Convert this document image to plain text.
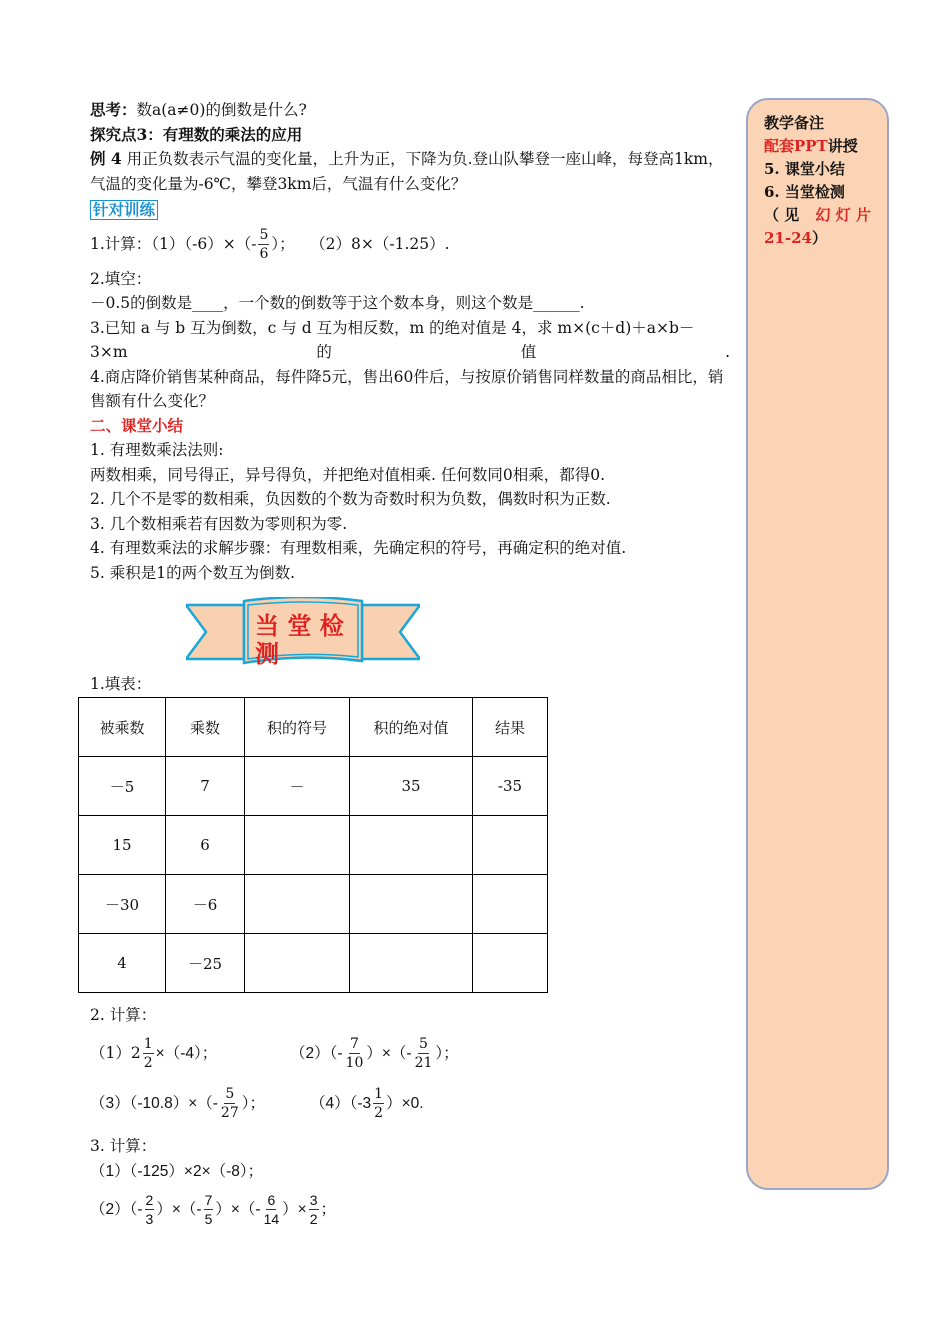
思考：数a(a≠0)的倒数是什么?
探究点3：有理数的乘法的应用
例 4 用正负数表示气温的变化量，上升为正，下降为负.登山队攀登一座山峰，每登高1km，气温的变化量为-6℃，攀登3km后，气温有什么变化？
针对训练
1.计算：$(1)(-6)\times(- \frac{5}{6}$ ）；　　（2）8×（-1.25）.
2.填空：
－0.5的倒数是____，一个数的倒数等于这个数本身，则这个数是______.
3.已知 a 与 b 互为倒数，c 与 d 互为相反数，m 的绝对值是 4，求 m×(c＋d)＋a×b－
3×m	的	值	.
4.商店降价销售某种商品，每件降5元，售出60件后，与按原价销售同样数量的商品相比，销售额有什么变化？
二、课堂小结
1. 有理数乘法法则:
两数相乘，同号得正，异号得负，并把绝对值相乘. 任何数同0相乘，都得0.
2. 几个不是零的数相乘，负因数的个数为奇数时积为负数，偶数时积为正数.
3. 几个数相乘若有因数为零则积为零.
4. 有理数乘法的求解步骤：有理数相乘，先确定积的符号，再确定积的绝对值.
5. 乘积是1的两个数互为倒数.
当 堂 检
测
1.填表：
被乘数	乘数	积的符号	积的绝对值	结果
－5	7	－	35	-35
15	6			
－30	－6			
4	－25			
2. 计算：
$(1)2 \frac{1}{2} \times(-4)$；	$(2)(- \frac{7}{10}$ ）×（- $\frac{5}{21}$ ）；
$(3)(-10.8)\times(- \frac{5}{27}$ ）；	$(4)(-3 \frac{1}{2} )\times 0$.
3. 计算：
（1）（-125）×2×（-8）；
$(2)(- \frac{2}{3}$ ）×（- $\frac{7}{5}$ ）×（- $\frac{6}{14}$ ）× $\frac{3}{2}$ ；
教学备注
配套PPT讲授
5. 课堂小结
6. 当堂检测
（ 见 幻 灯 片
21-24）
